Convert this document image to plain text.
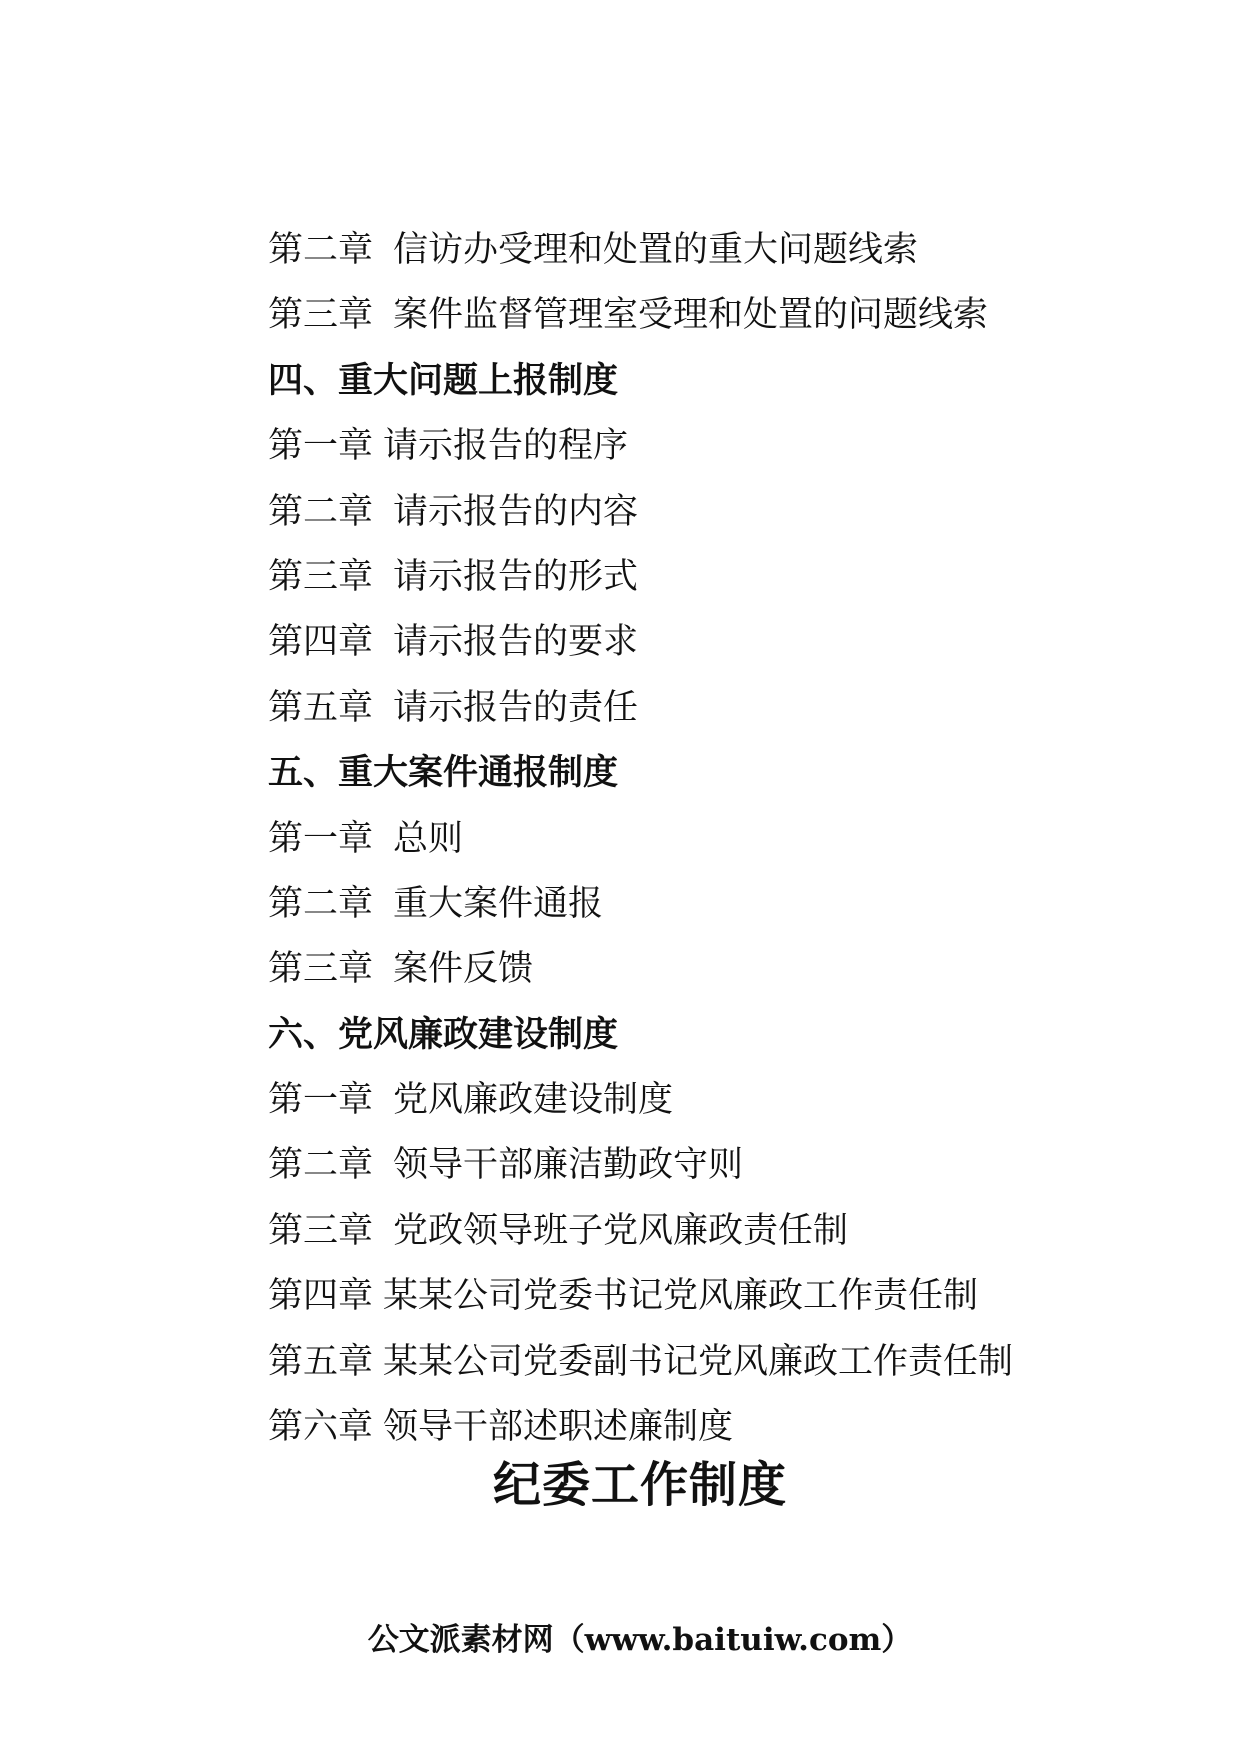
第二章 信访办受理和处置的重大问题线索
第三章 案件监督管理室受理和处置的问题线索
四、重大问题上报制度
第一章 请示报告的程序
第二章 请示报告的内容
第三章 请示报告的形式
第四章 请示报告的要求
第五章 请示报告的责任
五、重大案件通报制度
第一章 总则
第二章 重大案件通报
第三章 案件反馈
六、党风廉政建设制度
第一章 党风廉政建设制度
第二章 领导干部廉洁勤政守则
第三章 党政领导班子党风廉政责任制
第四章 某某公司党委书记党风廉政工作责任制
第五章 某某公司党委副书记党风廉政工作责任制
第六章 领导干部述职述廉制度
纪委工作制度
公文派素材网（www.baituiw.com）
